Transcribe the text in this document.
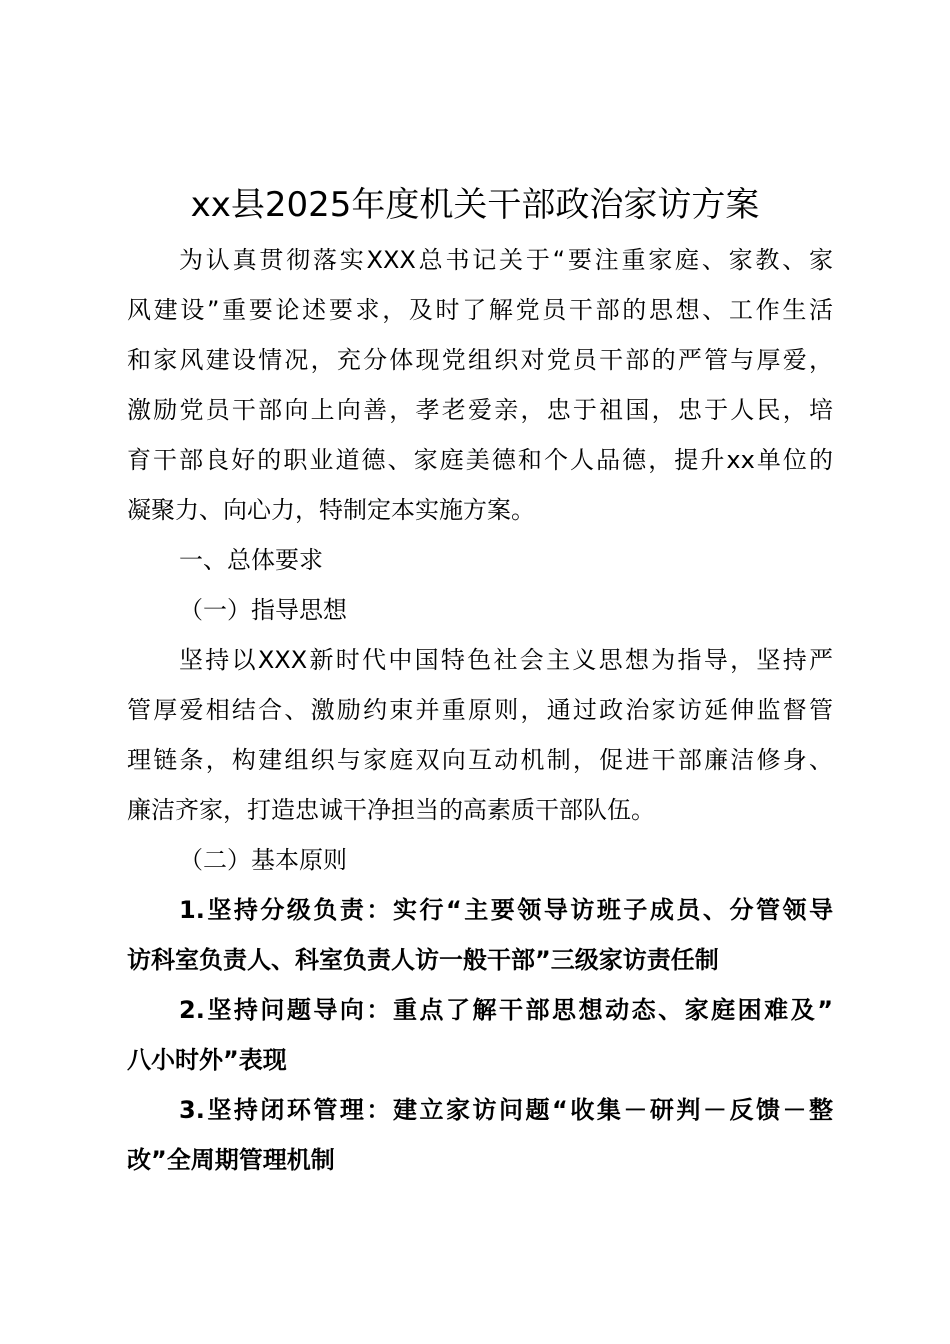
xx县2025年度机关干部政治家访方案
为认真贯彻落实XXX总书记关于“要注重家庭、家教、家
风建设”重要论述要求，及时了解党员干部的思想、工作生活
和家风建设情况，充分体现党组织对党员干部的严管与厚爱，
激励党员干部向上向善，孝老爱亲，忠于祖国，忠于人民，培
育干部良好的职业道德、家庭美德和个人品德，提升xx单位的
凝聚力、向心力，特制定本实施方案。
一、总体要求
（一）指导思想
坚持以XXX新时代中国特色社会主义思想为指导，坚持严
管厚爱相结合、激励约束并重原则，通过政治家访延伸监督管
理链条，构建组织与家庭双向互动机制，促进干部廉洁修身、
廉洁齐家，打造忠诚干净担当的高素质干部队伍。
（二）基本原则
1.坚持分级负责：实行“主要领导访班子成员、分管领导
访科室负责人、科室负责人访一般干部”三级家访责任制
2.坚持问题导向：重点了解干部思想动态、家庭困难及”
八小时外”表现
3.坚持闭环管理：建立家访问题“收集－研判－反馈－整
改”全周期管理机制
